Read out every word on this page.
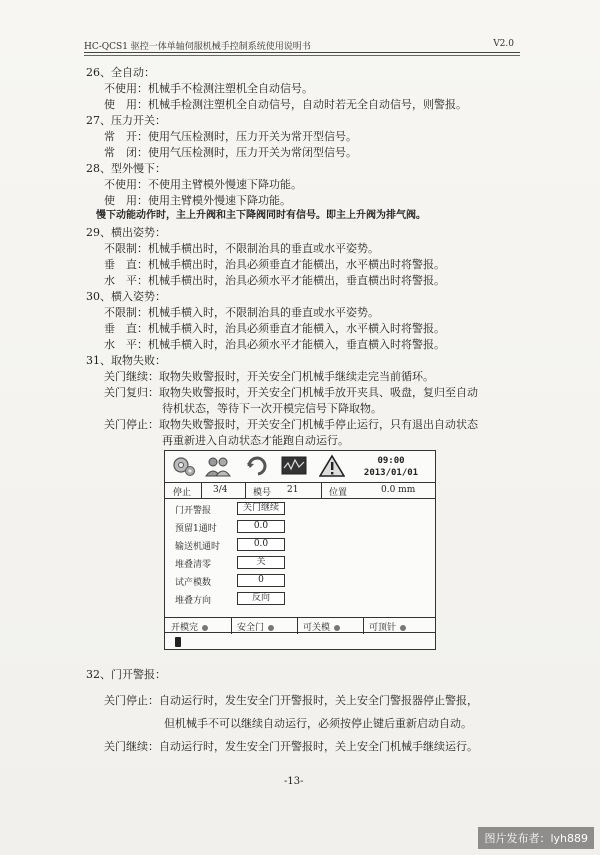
HC-QCS1 驱控一体单轴伺服机械手控制系统使用说明书	V2.0
26、全自动：
不使用：机械手不检测注塑机全自动信号。
使　用：机械手检测注塑机全自动信号，自动时若无全自动信号，则警报。
27、压力开关：
常　开：使用气压检测时，压力开关为常开型信号。
常　闭：使用气压检测时，压力开关为常闭型信号。
28、型外慢下：
不使用：不使用主臂模外慢速下降功能。
使　用：使用主臂模外慢速下降功能。
慢下动能动作时，主上升阀和主下降阀同时有信号。即主上升阀为排气阀。
29、横出姿势：
不限制：机械手横出时，不限制治具的垂直或水平姿势。
垂　直：机械手横出时，治具必须垂直才能横出，水平横出时将警报。
水　平：机械手横出时，治具必须水平才能横出，垂直横出时将警报。
30、横入姿势：
不限制：机械手横入时，不限制治具的垂直或水平姿势。
垂　直：机械手横入时，治具必须垂直才能横入，水平横入时将警报。
水　平：机械手横入时，治具必须水平才能横入，垂直横入时将警报。
31、取物失败：
关门继续：取物失败警报时，开关安全门机械手继续走完当前循环。
关门复归：取物失败警报时，开关安全门机械手放开夹具、吸盘，复归至自动
待机状态，等待下一次开模完信号下降取物。
关门停止：取物失败警报时，开关安全门机械手停止运行，只有退出自动状态
再重新进入自动状态才能跑自动运行。
09:00
2013/01/01
停止 3/4	模号 21	位置	0.0 mm
门开警报	关门继续
预留1通时	0.0
输送机通时	0.0
堆叠清零	关
试产模数	0
堆叠方向	反向
开模完	安全门	可关模	可顶针
32、门开警报：
关门停止：自动运行时，发生安全门开警报时，关上安全门警报器停止警报，
但机械手不可以继续自动运行，必须按停止键后重新启动自动。
关门继续：自动运行时，发生安全门开警报时，关上安全门机械手继续运行。
-13-
图片发布者：lyh889
